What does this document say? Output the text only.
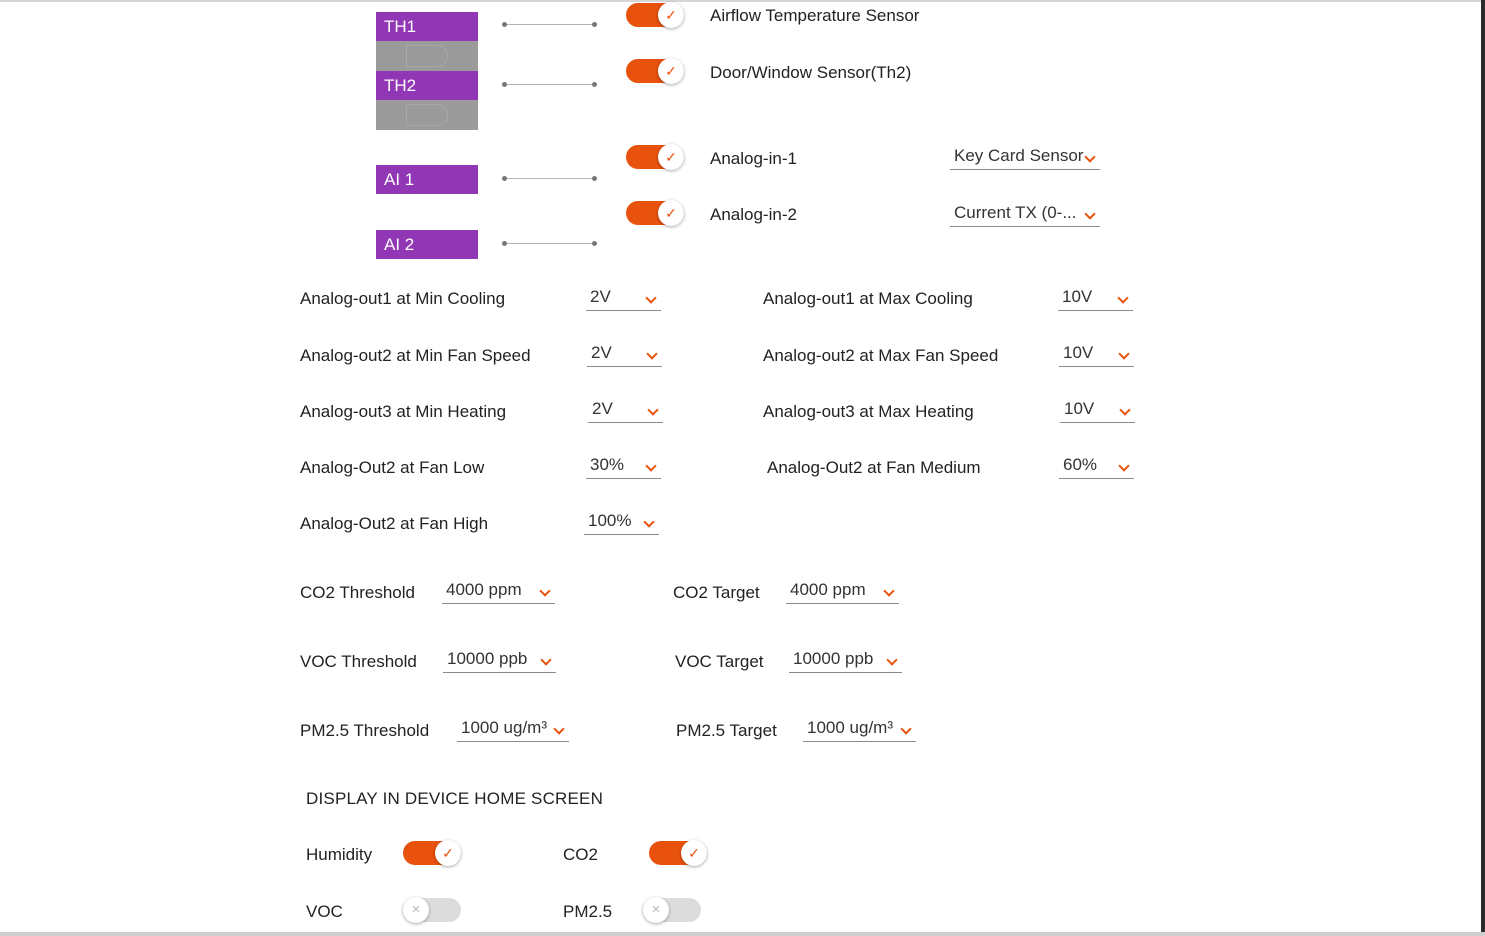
TH1
TH2
AI 1
AI 2
✓	Airflow Temperature Sensor
✓	Door/Window Sensor(Th2)
✓	Analog-in-1	Key Card Sensor
✓	Analog-in-2	Current TX (0-...
Analog-out1 at Min Cooling	2V	Analog-out1 at Max Cooling	10V
Analog-out2 at Min Fan Speed	2V	Analog-out2 at Max Fan Speed	10V
Analog-out3 at Min Heating	2V	Analog-out3 at Max Heating	10V
Analog-Out2 at Fan Low	30%	Analog-Out2 at Fan Medium	60%
Analog-Out2 at Fan High	100%
CO2 Threshold 4000 ppm	CO2 Target 4000 ppm
VOC Threshold 10000 ppb	VOC Target 10000 ppb
PM2.5 Threshold 1000 ug/m³	PM2.5 Target 1000 ug/m³
DISPLAY IN DEVICE HOME SCREEN
Humidity	✓	CO2	✓
VOC	✕	PM2.5	✕
